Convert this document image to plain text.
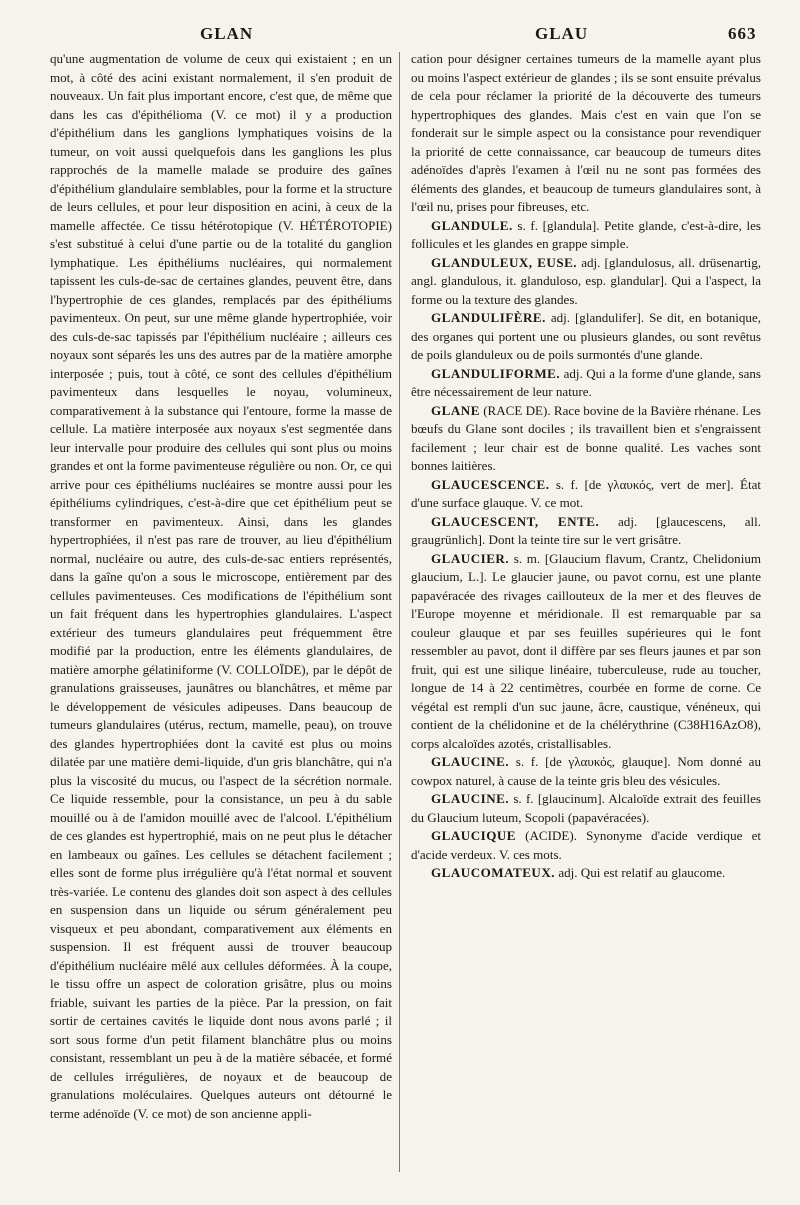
GLAN	GLAU	663

qu'une augmentation de volume de ceux qui existaient ; en un mot, à côté des acini existant normalement, il s'en produit de nouveaux. Un fait plus important encore, c'est que, de même que dans les cas d'épithélioma (V. ce mot) il y a production d'épithélium dans les ganglions lymphatiques voisins de la tumeur, on voit aussi quelquefois dans les ganglions les plus rapprochés de la mamelle malade se produire des gaînes d'épithélium glandulaire semblables, pour la forme et la structure de leurs cellules, et pour leur disposition en acini, à ceux de la mamelle affectée. Ce tissu hétérotopique (V. HÉTÉROTOPIE) s'est substitué à celui d'une partie ou de la totalité du ganglion lymphatique. Les épithéliums nucléaires, qui normalement tapissent les culs-de-sac de certaines glandes, peuvent être, dans l'hypertrophie de ces glandes, remplacés par des épithéliums pavimenteux. On peut, sur une même glande hypertrophiée, voir des culs-de-sac tapissés par l'épithélium nucléaire ; ailleurs ces noyaux sont séparés les uns des autres par de la matière amorphe interposée ; puis, tout à côté, ce sont des cellules d'épithélium pavimenteux dans lesquelles le noyau, volumineux, comparativement à la substance qui l'entoure, forme la masse de cellule. La matière interposée aux noyaux s'est segmentée dans leur intervalle pour produire des cellules qui sont plus ou moins grandes et ont la forme pavimenteuse régulière ou non. Or, ce qui arrive pour ces épithéliums nucléaires se montre aussi pour les épithéliums cylindriques, c'est-à-dire que cet épithélium peut se transformer en pavimenteux. Ainsi, dans les glandes hypertrophiées, il n'est pas rare de trouver, au lieu d'épithélium normal, nucléaire ou autre, des culs-de-sac entiers représentés, dans la gaîne qu'on a sous le microscope, entièrement par des cellules pavimenteuses. Ces modifications de l'épithélium sont un fait fréquent dans les hypertrophies glandulaires. L'aspect extérieur des tumeurs glandulaires peut fréquemment être modifié par la production, entre les éléments glandulaires, de matière amorphe gélatiniforme (V. COLLOÏDE), par le dépôt de granulations graisseuses, jaunâtres ou blanchâtres, et même par le développement de vésicules adipeuses. Dans beaucoup de tumeurs glandulaires (utérus, rectum, mamelle, peau), on trouve des glandes hypertrophiées dont la cavité est plus ou moins dilatée par une matière demi-liquide, d'un gris blanchâtre, qui n'a plus la viscosité du mucus, ou l'aspect de la sécrétion normale. Ce liquide ressemble, pour la consistance, un peu à du sable mouillé ou à de l'amidon mouillé avec de l'alcool. L'épithélium de ces glandes est hypertrophié, mais on ne peut plus le détacher en lambeaux ou gaînes. Les cellules se détachent facilement ; elles sont de forme plus irrégulière qu'à l'état normal et souvent très-variée. Le contenu des glandes doit son aspect à des cellules en suspension dans un liquide ou sérum généralement peu visqueux et peu abondant, comparativement aux éléments en suspension. Il est fréquent aussi de trouver beaucoup d'épithélium nucléaire mêlé aux cellules déformées. À la coupe, le tissu offre un aspect de coloration grisâtre, plus ou moins friable, suivant les parties de la pièce. Par la pression, on fait sortir de certaines cavités le liquide dont nous avons parlé ; il sort sous forme d'un petit filament blanchâtre plus ou moins consistant, ressemblant un peu à de la matière sébacée, et formé de cellules irrégulières, de noyaux et de beaucoup de granulations moléculaires. Quelques auteurs ont détourné le terme adénoïde (V. ce mot) de son ancienne appli-

cation pour désigner certaines tumeurs de la mamelle ayant plus ou moins l'aspect extérieur de glandes ; ils se sont ensuite prévalus de cela pour réclamer la priorité de la découverte des tumeurs hypertrophiques des glandes. Mais c'est en vain que l'on se fonderait sur le simple aspect ou la consistance pour revendiquer la priorité de cette connaissance, car beaucoup de tumeurs dites adénoïdes d'après l'examen à l'œil nu ne sont pas formées des éléments des glandes, et beaucoup de tumeurs glandulaires sont, à l'œil nu, prises pour fibreuses, etc.

GLANDULE. s. f. [glandula]. Petite glande, c'est-à-dire, les follicules et les glandes en grappe simple.

GLANDULEUX, EUSE. adj. [glandulosus, all. drüsenartig, angl. glandulous, it. glanduloso, esp. glandular]. Qui a l'aspect, la forme ou la texture des glandes.

GLANDULIFÈRE. adj. [glandulifer]. Se dit, en botanique, des organes qui portent une ou plusieurs glandes, ou sont revêtus de poils glanduleux ou de poils surmontés d'une glande.

GLANDULIFORME. adj. Qui a la forme d'une glande, sans être nécessairement de leur nature.

GLANE (RACE DE). Race bovine de la Bavière rhénane. Les bœufs du Glane sont dociles ; ils travaillent bien et s'engraissent facilement ; leur chair est de bonne qualité. Les vaches sont bonnes laitières.

GLAUCESCENCE. s. f. [de γλαυκός, vert de mer]. État d'une surface glauque. V. ce mot.

GLAUCESCENT, ENTE. adj. [glaucescens, all. graugrünlich]. Dont la teinte tire sur le vert grisâtre.

GLAUCIER. s. m. [Glaucium flavum, Crantz, Chelidonium glaucium, L.]. Le glaucier jaune, ou pavot cornu, est une plante papavéracée des rivages caillouteux de la mer et des fleuves de l'Europe moyenne et méridionale. Il est remarquable par sa couleur glauque et par ses feuilles supérieures qui le font ressembler au pavot, dont il diffère par ses fleurs jaunes et par son fruit, qui est une silique linéaire, tuberculeuse, rude au toucher, longue de 14 à 22 centimètres, courbée en forme de corne. Ce végétal est rempli d'un suc jaune, âcre, caustique, vénéneux, qui contient de la chélidonine et de la chélérythrine (C38H16AzO8), corps alcaloïdes azotés, cristallisables.

GLAUCINE. s. f. [de γλαυκός, glauque]. Nom donné au cowpox naturel, à cause de la teinte gris bleu des vésicules.

GLAUCINE. s. f. [glaucinum]. Alcaloïde extrait des feuilles du Glaucium luteum, Scopoli (papavéracées).

GLAUCIQUE (ACIDE). Synonyme d'acide verdique et d'acide verdeux. V. ces mots.

GLAUCOMATEUX. adj. Qui est relatif au glaucome.
